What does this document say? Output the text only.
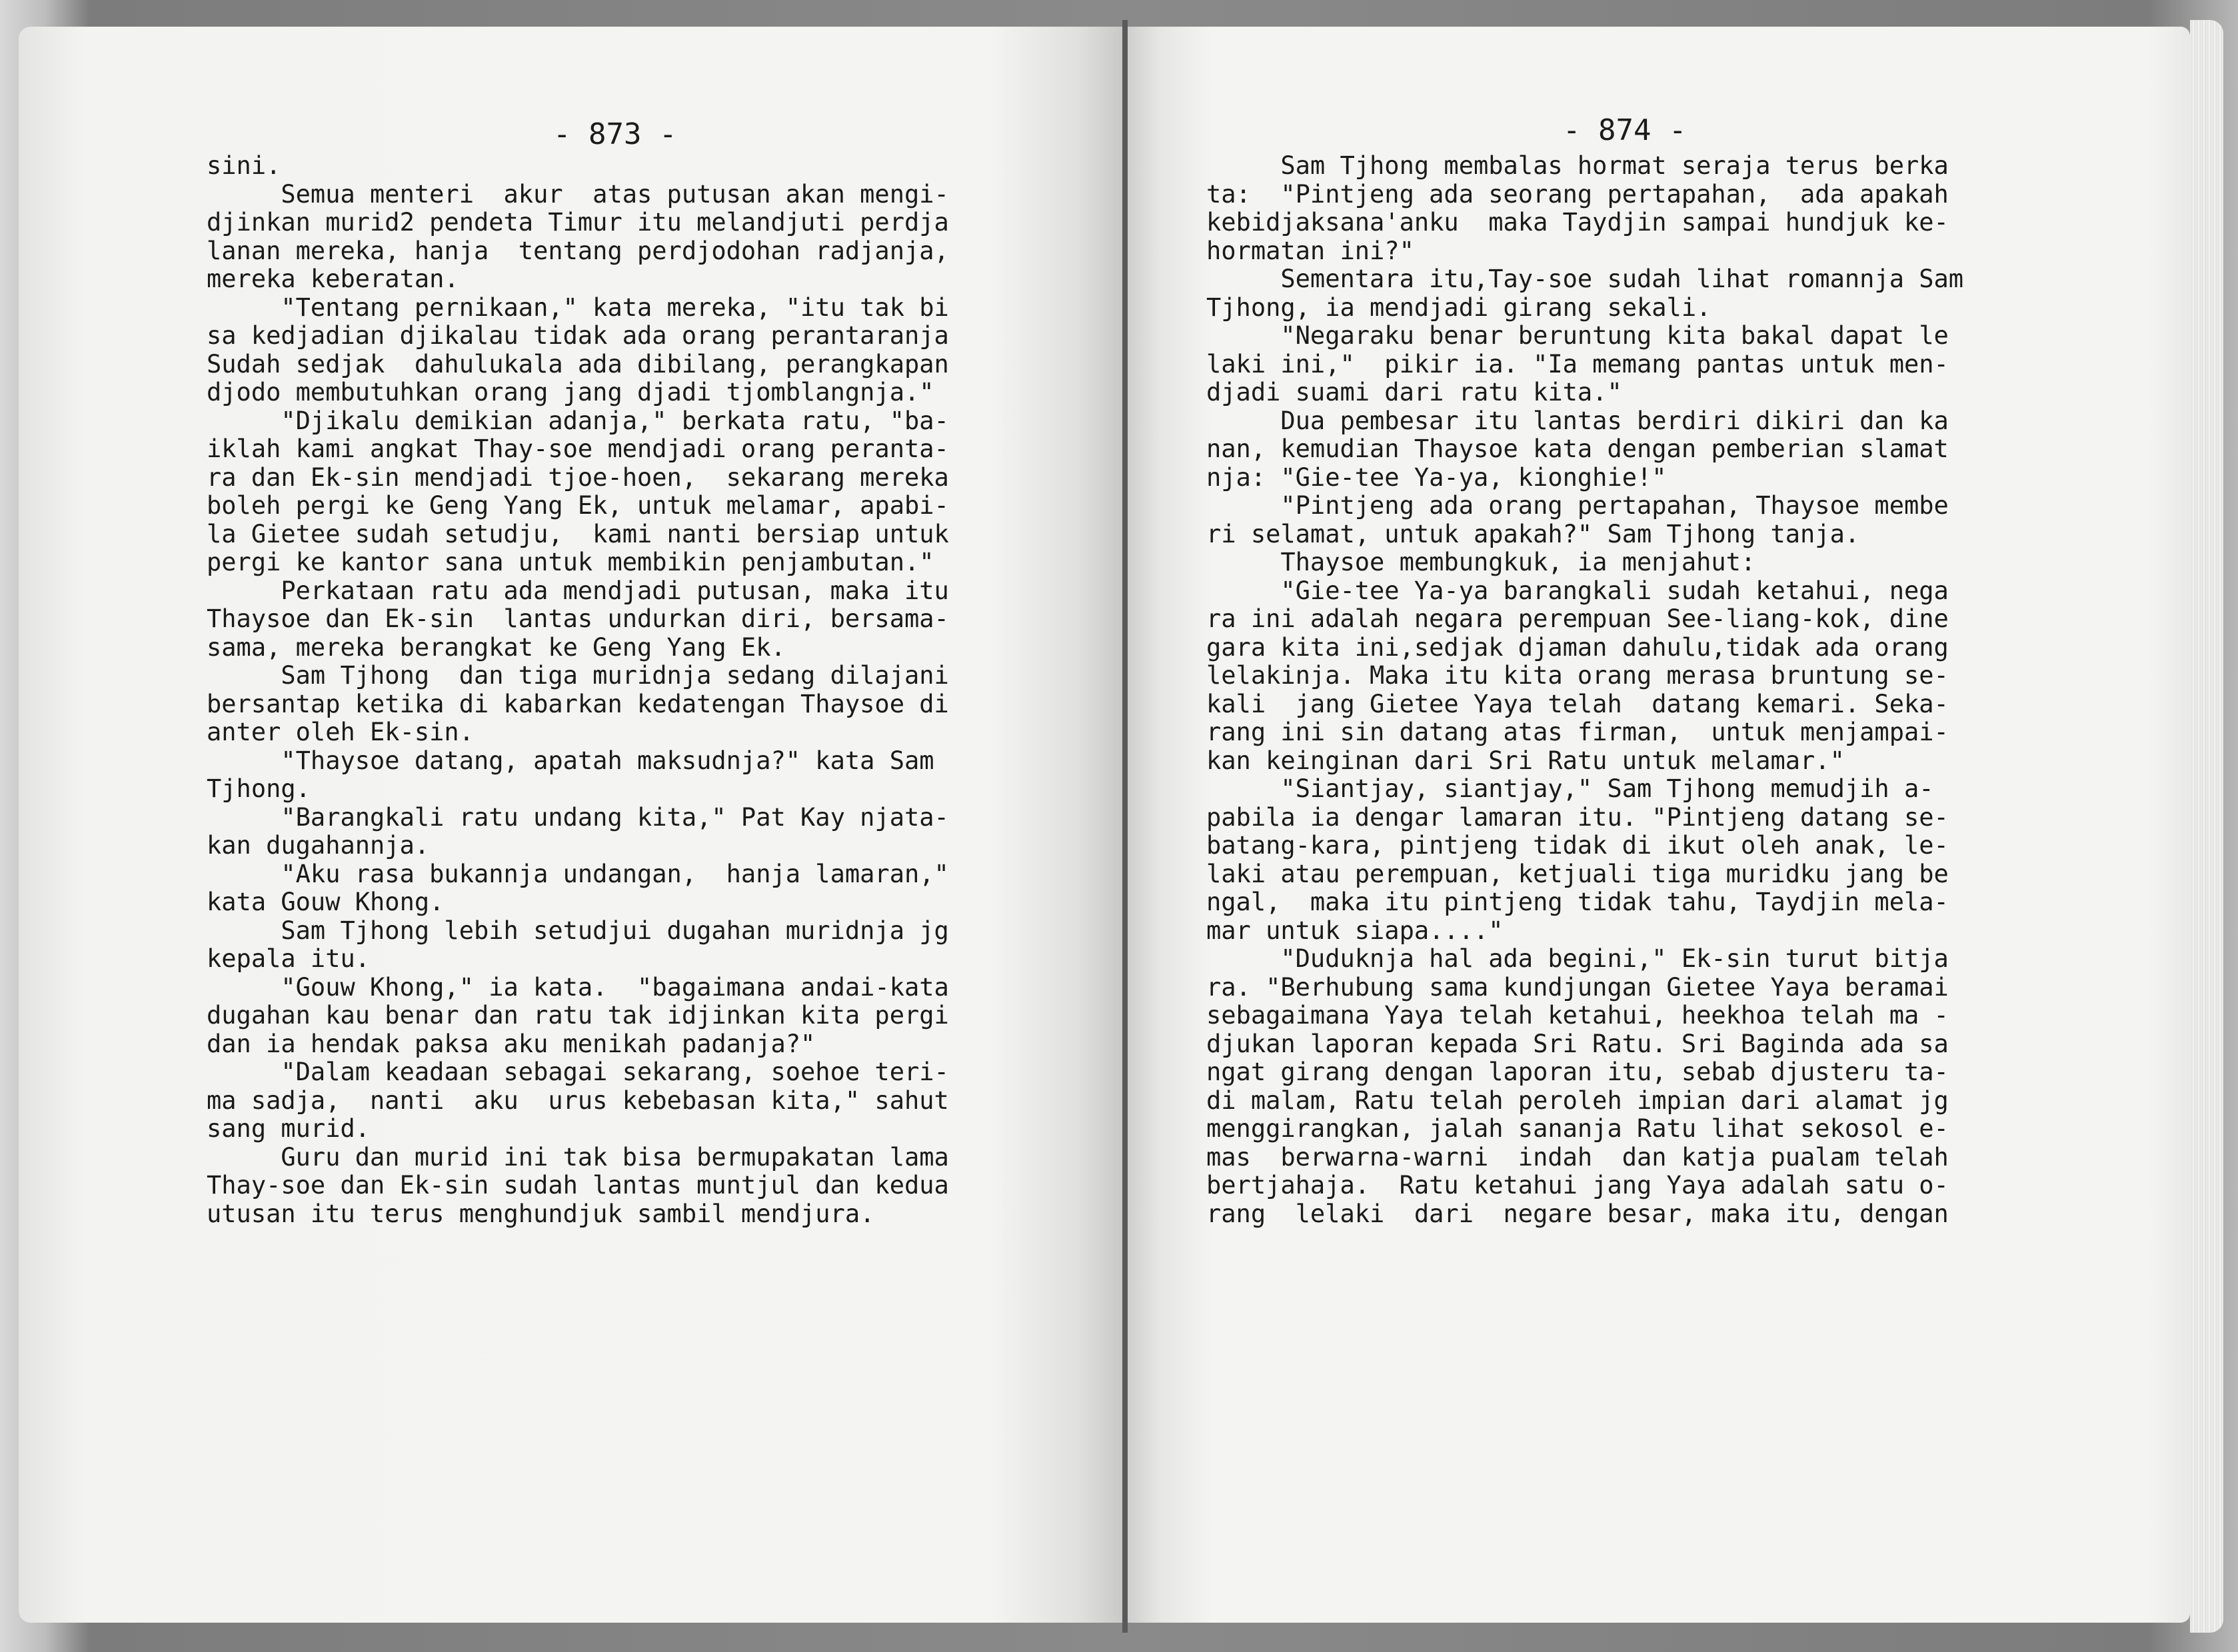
- 873 -	- 874 -
sini.
Semua menteri  akur  atas putusan akan mengi-
djinkan murid2 pendeta Timur itu melandjuti perdja
lanan mereka, hanja  tentang perdjodohan radjanja,
mereka keberatan.
"Tentang pernikaan," kata mereka, "itu tak bi
sa kedjadian djikalau tidak ada orang perantaranja
Sudah sedjak  dahulukala ada dibilang, perangkapan
djodo membutuhkan orang jang djadi tjomblangnja."
"Djikalu demikian adanja," berkata ratu, "ba-
iklah kami angkat Thay-soe mendjadi orang peranta-
ra dan Ek-sin mendjadi tjoe-hoen,  sekarang mereka
boleh pergi ke Geng Yang Ek, untuk melamar, apabi-
la Gietee sudah setudju,  kami nanti bersiap untuk
pergi ke kantor sana untuk membikin penjambutan."
Perkataan ratu ada mendjadi putusan, maka itu
Thaysoe dan Ek-sin  lantas undurkan diri, bersama-
sama, mereka berangkat ke Geng Yang Ek.
Sam Tjhong  dan tiga muridnja sedang dilajani
bersantap ketika di kabarkan kedatengan Thaysoe di
anter oleh Ek-sin.
"Thaysoe datang, apatah maksudnja?" kata Sam
Tjhong.
"Barangkali ratu undang kita," Pat Kay njata-
kan dugahannja.
"Aku rasa bukannja undangan,  hanja lamaran,"
kata Gouw Khong.
Sam Tjhong lebih setudjui dugahan muridnja jg
kepala itu.
"Gouw Khong," ia kata.  "bagaimana andai-kata
dugahan kau benar dan ratu tak idjinkan kita pergi
dan ia hendak paksa aku menikah padanja?"
"Dalam keadaan sebagai sekarang, soehoe teri-
ma sadja,  nanti  aku  urus kebebasan kita," sahut
sang murid.
Guru dan murid ini tak bisa bermupakatan lama
Thay-soe dan Ek-sin sudah lantas muntjul dan kedua
utusan itu terus menghundjuk sambil mendjura.
Sam Tjhong membalas hormat seraja terus berka
ta:  "Pintjeng ada seorang pertapahan,  ada apakah
kebidjaksana'anku  maka Taydjin sampai hundjuk ke-
hormatan ini?"
Sementara itu,Tay-soe sudah lihat romannja Sam
Tjhong, ia mendjadi girang sekali.
"Negaraku benar beruntung kita bakal dapat le
laki ini,"  pikir ia. "Ia memang pantas untuk men-
djadi suami dari ratu kita."
Dua pembesar itu lantas berdiri dikiri dan ka
nan, kemudian Thaysoe kata dengan pemberian slamat
nja: "Gie-tee Ya-ya, kionghie!"
"Pintjeng ada orang pertapahan, Thaysoe membe
ri selamat, untuk apakah?" Sam Tjhong tanja.
Thaysoe membungkuk, ia menjahut:
"Gie-tee Ya-ya barangkali sudah ketahui, nega
ra ini adalah negara perempuan See-liang-kok, dine
gara kita ini,sedjak djaman dahulu,tidak ada orang
lelakinja. Maka itu kita orang merasa bruntung se-
kali  jang Gietee Yaya telah  datang kemari. Seka-
rang ini sin datang atas firman,  untuk menjampai-
kan keinginan dari Sri Ratu untuk melamar."
"Siantjay, siantjay," Sam Tjhong memudjih a-
pabila ia dengar lamaran itu. "Pintjeng datang se-
batang-kara, pintjeng tidak di ikut oleh anak, le-
laki atau perempuan, ketjuali tiga muridku jang be
ngal,  maka itu pintjeng tidak tahu, Taydjin mela-
mar untuk siapa...."
"Duduknja hal ada begini," Ek-sin turut bitja
ra. "Berhubung sama kundjungan Gietee Yaya beramai
sebagaimana Yaya telah ketahui, heekhoa telah ma -
djukan laporan kepada Sri Ratu. Sri Baginda ada sa
ngat girang dengan laporan itu, sebab djusteru ta-
di malam, Ratu telah peroleh impian dari alamat jg
menggirangkan, jalah sananja Ratu lihat sekosol e-
mas  berwarna-warni  indah  dan katja pualam telah
bertjahaja.  Ratu ketahui jang Yaya adalah satu o-
rang  lelaki  dari  negare besar, maka itu, dengan
